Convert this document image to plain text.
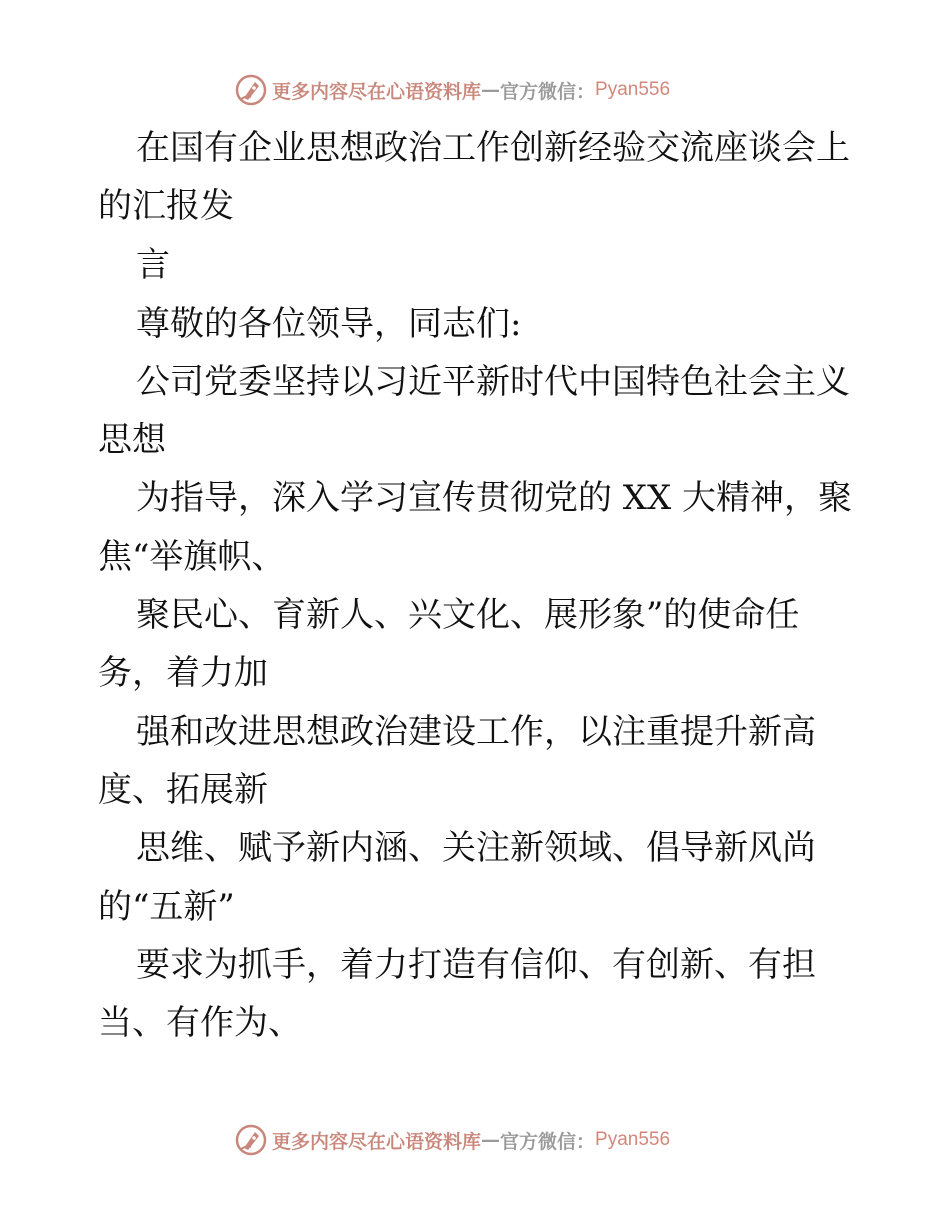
更多内容尽在心语资料库 — 官方微信： Pyan556
在国有企业思想政治工作创新经验交流座谈会上
的汇报发
言
尊敬的各位领导，同志们:
公司党委坚持以习近平新时代中国特色社会主义
思想
为指导，深入学习宣传贯彻党的 XX 大精神，聚
焦“举旗帜、
聚民心、育新人、兴文化、展形象”的使命任
务，着力加
强和改进思想政治建设工作，以注重提升新高
度、拓展新
思维、赋予新内涵、关注新领域、倡导新风尚
的“五新”
要求为抓手，着力打造有信仰、有创新、有担
当、有作为、
更多内容尽在心语资料库 — 官方微信： Pyan556
